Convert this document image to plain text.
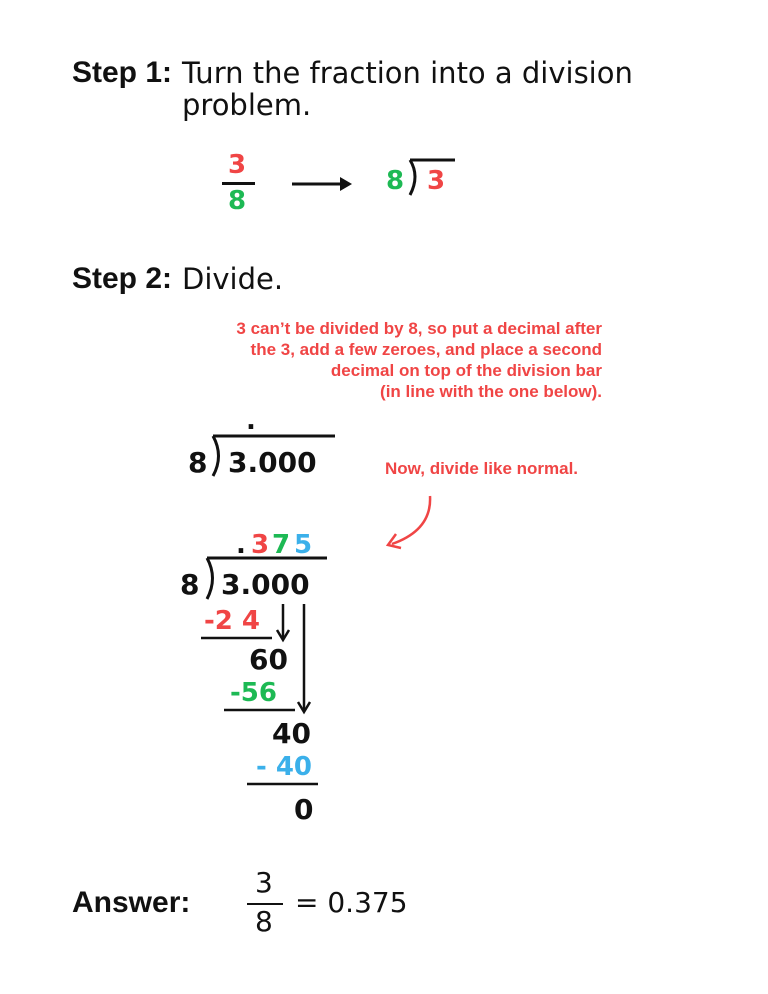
Step 1: Turn the fraction into a division
problem.
3
8
8 3
Step 2: Divide.
3 can’t be divided by 8, so put a decimal after
the 3, add a few zeroes, and place a second
decimal on top of the division bar
(in line with the one below).
.
8 3.000	Now, divide like normal.
. 3 7 5
8 3.000
-2 4
60
-56
40
- 40
0
Answer:
3
8
= 0.375
